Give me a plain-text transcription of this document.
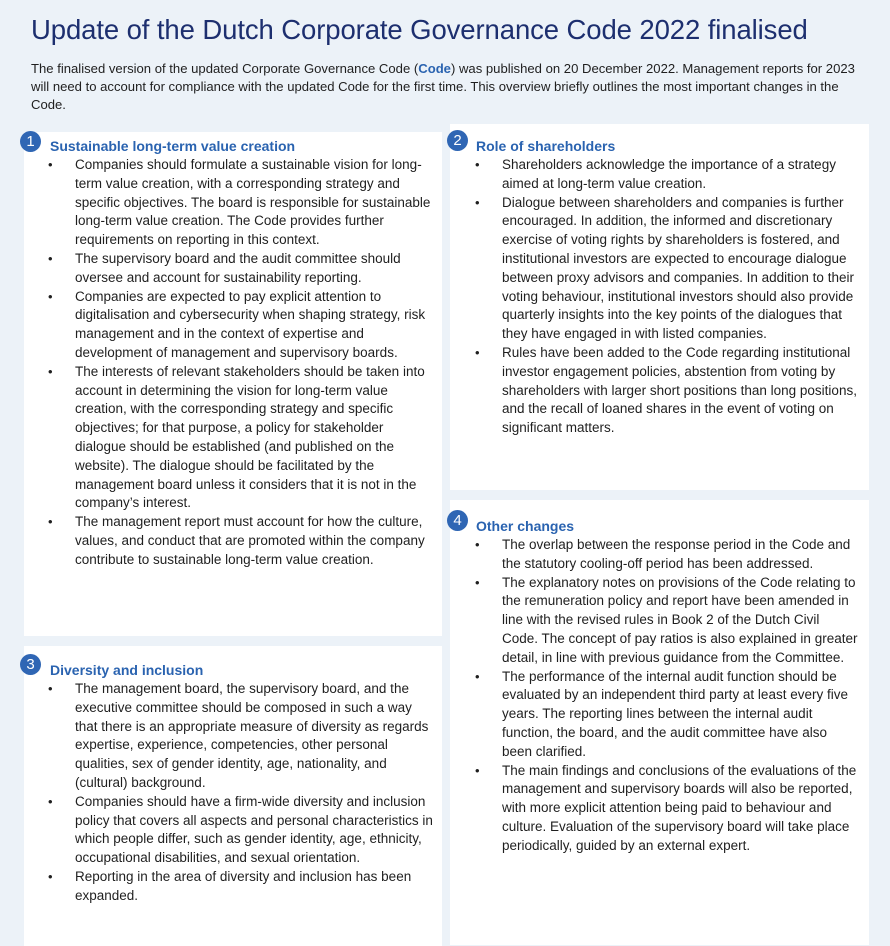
Update of the Dutch Corporate Governance Code 2022 finalised

The finalised version of the updated Corporate Governance Code (Code) was published on 20 December 2022. Management reports for 2023 will need to account for compliance with the updated Code for the first time. This overview briefly outlines the most important changes in the Code.

1	Sustainable long-term value creation
• Companies should formulate a sustainable vision for long-term value creation, with a corresponding strategy and specific objectives. The board is responsible for sustainable long-term value creation. The Code provides further requirements on reporting in this context.
• The supervisory board and the audit committee should oversee and account for sustainability reporting.
• Companies are expected to pay explicit attention to digitalisation and cybersecurity when shaping strategy, risk management and in the context of expertise and development of management and supervisory boards.
• The interests of relevant stakeholders should be taken into account in determining the vision for long-term value creation, with the corresponding strategy and specific objectives; for that purpose, a policy for stakeholder dialogue should be established (and published on the website). The dialogue should be facilitated by the management board unless it considers that it is not in the company’s interest.
• The management report must account for how the culture, values, and conduct that are promoted within the company contribute to sustainable long-term value creation.
2	Role of shareholders
• Shareholders acknowledge the importance of a strategy aimed at long-term value creation.
• Dialogue between shareholders and companies is further encouraged. In addition, the informed and discretionary exercise of voting rights by shareholders is fostered, and institutional investors are expected to encourage dialogue between proxy advisors and companies. In addition to their voting behaviour, institutional investors should also provide quarterly insights into the key points of the dialogues that they have engaged in with listed companies.
• Rules have been added to the Code regarding institutional investor engagement policies, abstention from voting by shareholders with larger short positions than long positions, and the recall of loaned shares in the event of voting on significant matters.
3	Diversity and inclusion
• The management board, the supervisory board, and the executive committee should be composed in such a way that there is an appropriate measure of diversity as regards expertise, experience, competencies, other personal qualities, sex of gender identity, age, nationality, and (cultural) background.
• Companies should have a firm-wide diversity and inclusion policy that covers all aspects and personal characteristics in which people differ, such as gender identity, age, ethnicity, occupational disabilities, and sexual orientation.
• Reporting in the area of diversity and inclusion has been expanded.
4	Other changes
• The overlap between the response period in the Code and the statutory cooling-off period has been addressed.
• The explanatory notes on provisions of the Code relating to the remuneration policy and report have been amended in line with the revised rules in Book 2 of the Dutch Civil Code. The concept of pay ratios is also explained in greater detail, in line with previous guidance from the Committee.
• The performance of the internal audit function should be evaluated by an independent third party at least every five years. The reporting lines between the internal audit function, the board, and the audit committee have also been clarified.
• The main findings and conclusions of the evaluations of the management and supervisory boards will also be reported, with more explicit attention being paid to behaviour and culture. Evaluation of the supervisory board will take place periodically, guided by an external expert.
